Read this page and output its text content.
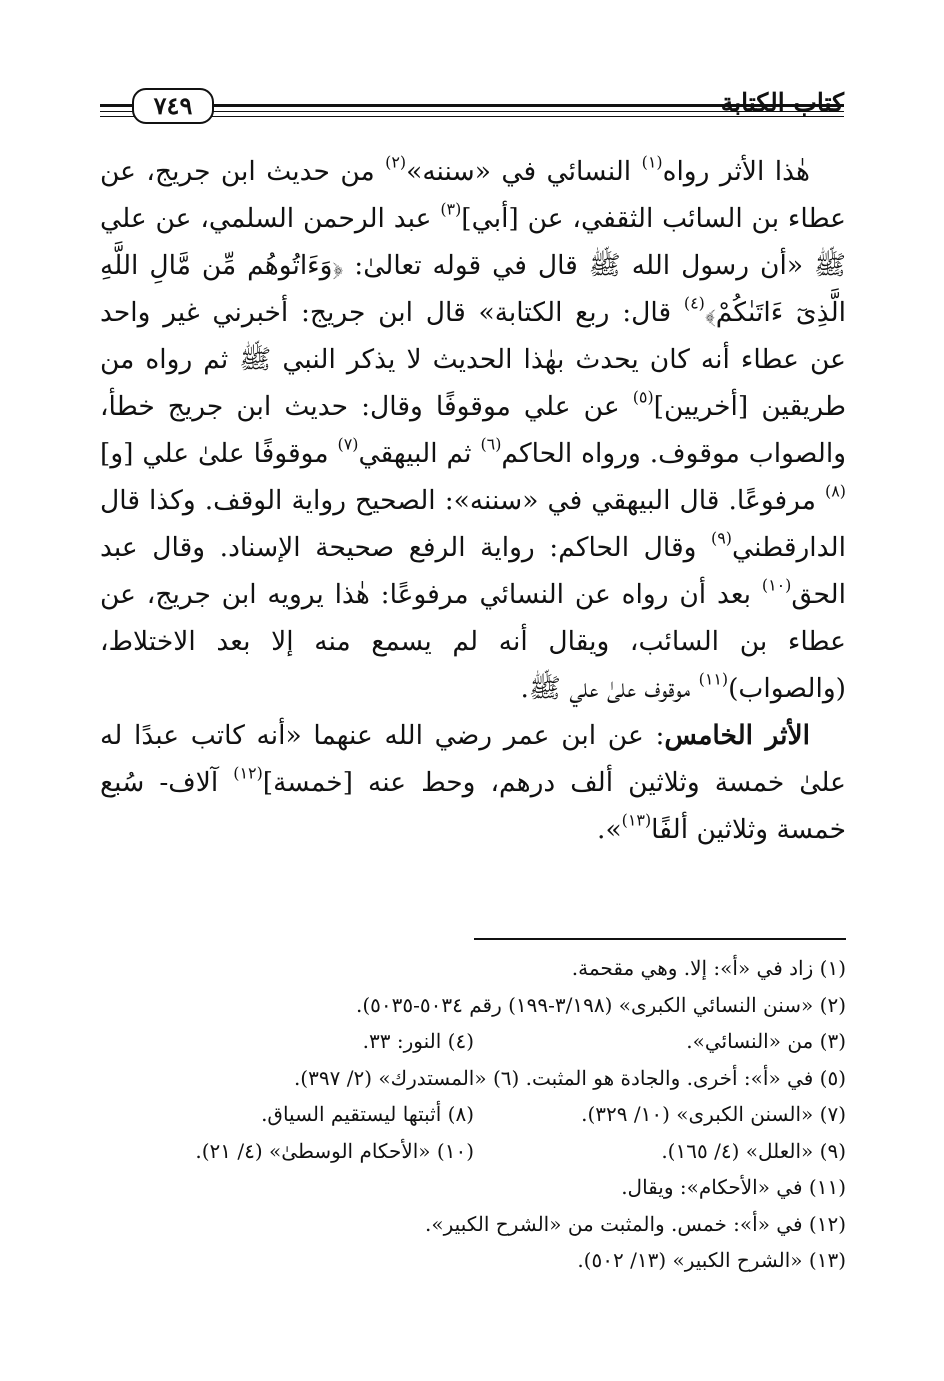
كتاب الكتابة
٧٤٩

هٰذا الأثر رواه$^{(١)}$ النسائي في «سننه»$^{(٢)}$ من حديث ابن جريج، عن عطاء بن السائب الثقفي، عن [أبي]$^{(٣)}$ عبد الرحمن السلمي، عن علي ﷺ «أن رسول الله ﷺ قال في قوله تعالىٰ: ﴿وَءَاتُوهُم مِّن مَّالِ اللَّهِ الَّذِىٓ ءَاتَىٰكُمْ﴾$^{(٤)}$ قال: ربع الكتابة» قال ابن جريج: أخبرني غير واحد عن عطاء أنه كان يحدث بهٰذا الحديث لا يذكر النبي ﷺ ثم رواه من طريقين [أخريين]$^{(٥)}$ عن علي موقوفًا وقال: حديث ابن جريج خطأ، والصواب موقوف. ورواه الحاكم$^{(٦)}$ ثم البيهقي$^{(٧)}$ موقوفًا علىٰ علي [و]$^{(٨)}$ مرفوعًا. قال البيهقي في «سننه»: الصحيح رواية الوقف. وكذا قال الدارقطني$^{(٩)}$ وقال الحاكم: رواية الرفع صحيحة الإسناد. وقال عبد الحق$^{(١٠)}$ بعد أن رواه عن النسائي مرفوعًا: هٰذا يرويه ابن جريج، عن عطاء بن السائب، ويقال أنه لم يسمع منه إلا بعد الاختلاط، (والصواب)$^{(١١)}$ موقوف علىٰ علي ﷺ.

الأثر الخامس: عن ابن عمر رضي الله عنهما «أنه كاتب عبدًا له علىٰ خمسة وثلاثين ألف درهم، وحط عنه [خمسة]$^{(١٢)}$ آلاف- سُبع خمسة وثلاثين ألفًا$^{(١٣)}$».

(١) زاد في «أ»: إلا. وهي مقحمة.
(٢) «سنن النسائي الكبرى» (٣/١٩٨-١٩٩) رقم ٥٠٣٤-٥٠٣٥).
(٣) من «النسائي».
(٤) النور: ٣٣.
(٥) في «أ»: أخرى. والجادة هو المثبت. (٦) «المستدرك» (٢/ ٣٩٧).
(٧) «السنن الكبرى» (١٠/ ٣٢٩).
(٨) أثبتها ليستقيم السياق.
(٩) «العلل» (٤/ ١٦٥).
(١٠) «الأحكام الوسطىٰ» (٤/ ٢١).
(١١) في «الأحكام»: ويقال.
(١٢) في «أ»: خمس. والمثبت من «الشرح الكبير».
(١٣) «الشرح الكبير» (١٣/ ٥٠٢).
